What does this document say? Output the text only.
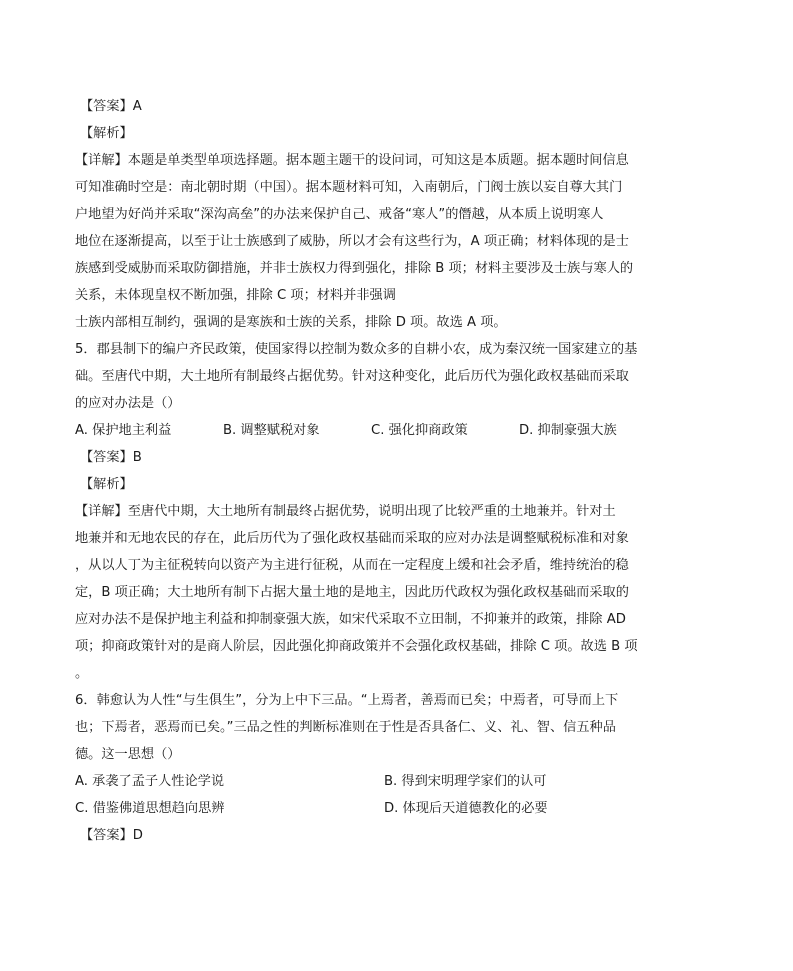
【答案】A
【解析】
【详解】本题是单类型单项选择题。据本题主题干的设问词，可知这是本质题。据本题时间信息
可知准确时空是：南北朝时期（中国）。据本题材料可知，入南朝后，门阀士族以妄自尊大其门
户地望为好尚并采取“深沟高垒”的办法来保护自己、戒备“寒人”的僭越，从本质上说明寒人
地位在逐渐提高，以至于让士族感到了威胁，所以才会有这些行为，A 项正确；材料体现的是士
族感到受威胁而采取防御措施，并非士族权力得到强化，排除 B 项；材料主要涉及士族与寒人的
关系，未体现皇权不断加强，排除 C 项；材料并非强调
士族内部相互制约，强调的是寒族和士族的关系，排除 D 项。故选 A 项。
5．郡县制下的编户齐民政策，使国家得以控制为数众多的自耕小农，成为秦汉统一国家建立的基
础。至唐代中期，大土地所有制最终占据优势。针对这种变化，此后历代为强化政权基础而采取
的应对办法是（）
A. 保护地主利益	B. 调整赋税对象	C. 强化抑商政策	D. 抑制豪强大族
【答案】B
【解析】
【详解】至唐代中期，大土地所有制最终占据优势，说明出现了比较严重的土地兼并。针对土
地兼并和无地农民的存在，此后历代为了强化政权基础而采取的应对办法是调整赋税标准和对象
，从以人丁为主征税转向以资产为主进行征税，从而在一定程度上缓和社会矛盾，维持统治的稳
定，B 项正确；大土地所有制下占据大量土地的是地主，因此历代政权为强化政权基础而采取的
应对办法不是保护地主利益和抑制豪强大族，如宋代采取不立田制，不抑兼并的政策，排除 AD
项；抑商政策针对的是商人阶层，因此强化抑商政策并不会强化政权基础，排除 C 项。故选 B 项
。
6．韩愈认为人性“与生俱生”，分为上中下三品。“上焉者，善焉而已矣；中焉者，可导而上下
也；下焉者，恶焉而已矣。”三品之性的判断标准则在于性是否具备仁、义、礼、智、信五种品
德。这一思想（）
A. 承袭了孟子人性论学说	B. 得到宋明理学家们的认可
C. 借鉴佛道思想趋向思辨	D. 体现后天道德教化的必要
【答案】D
